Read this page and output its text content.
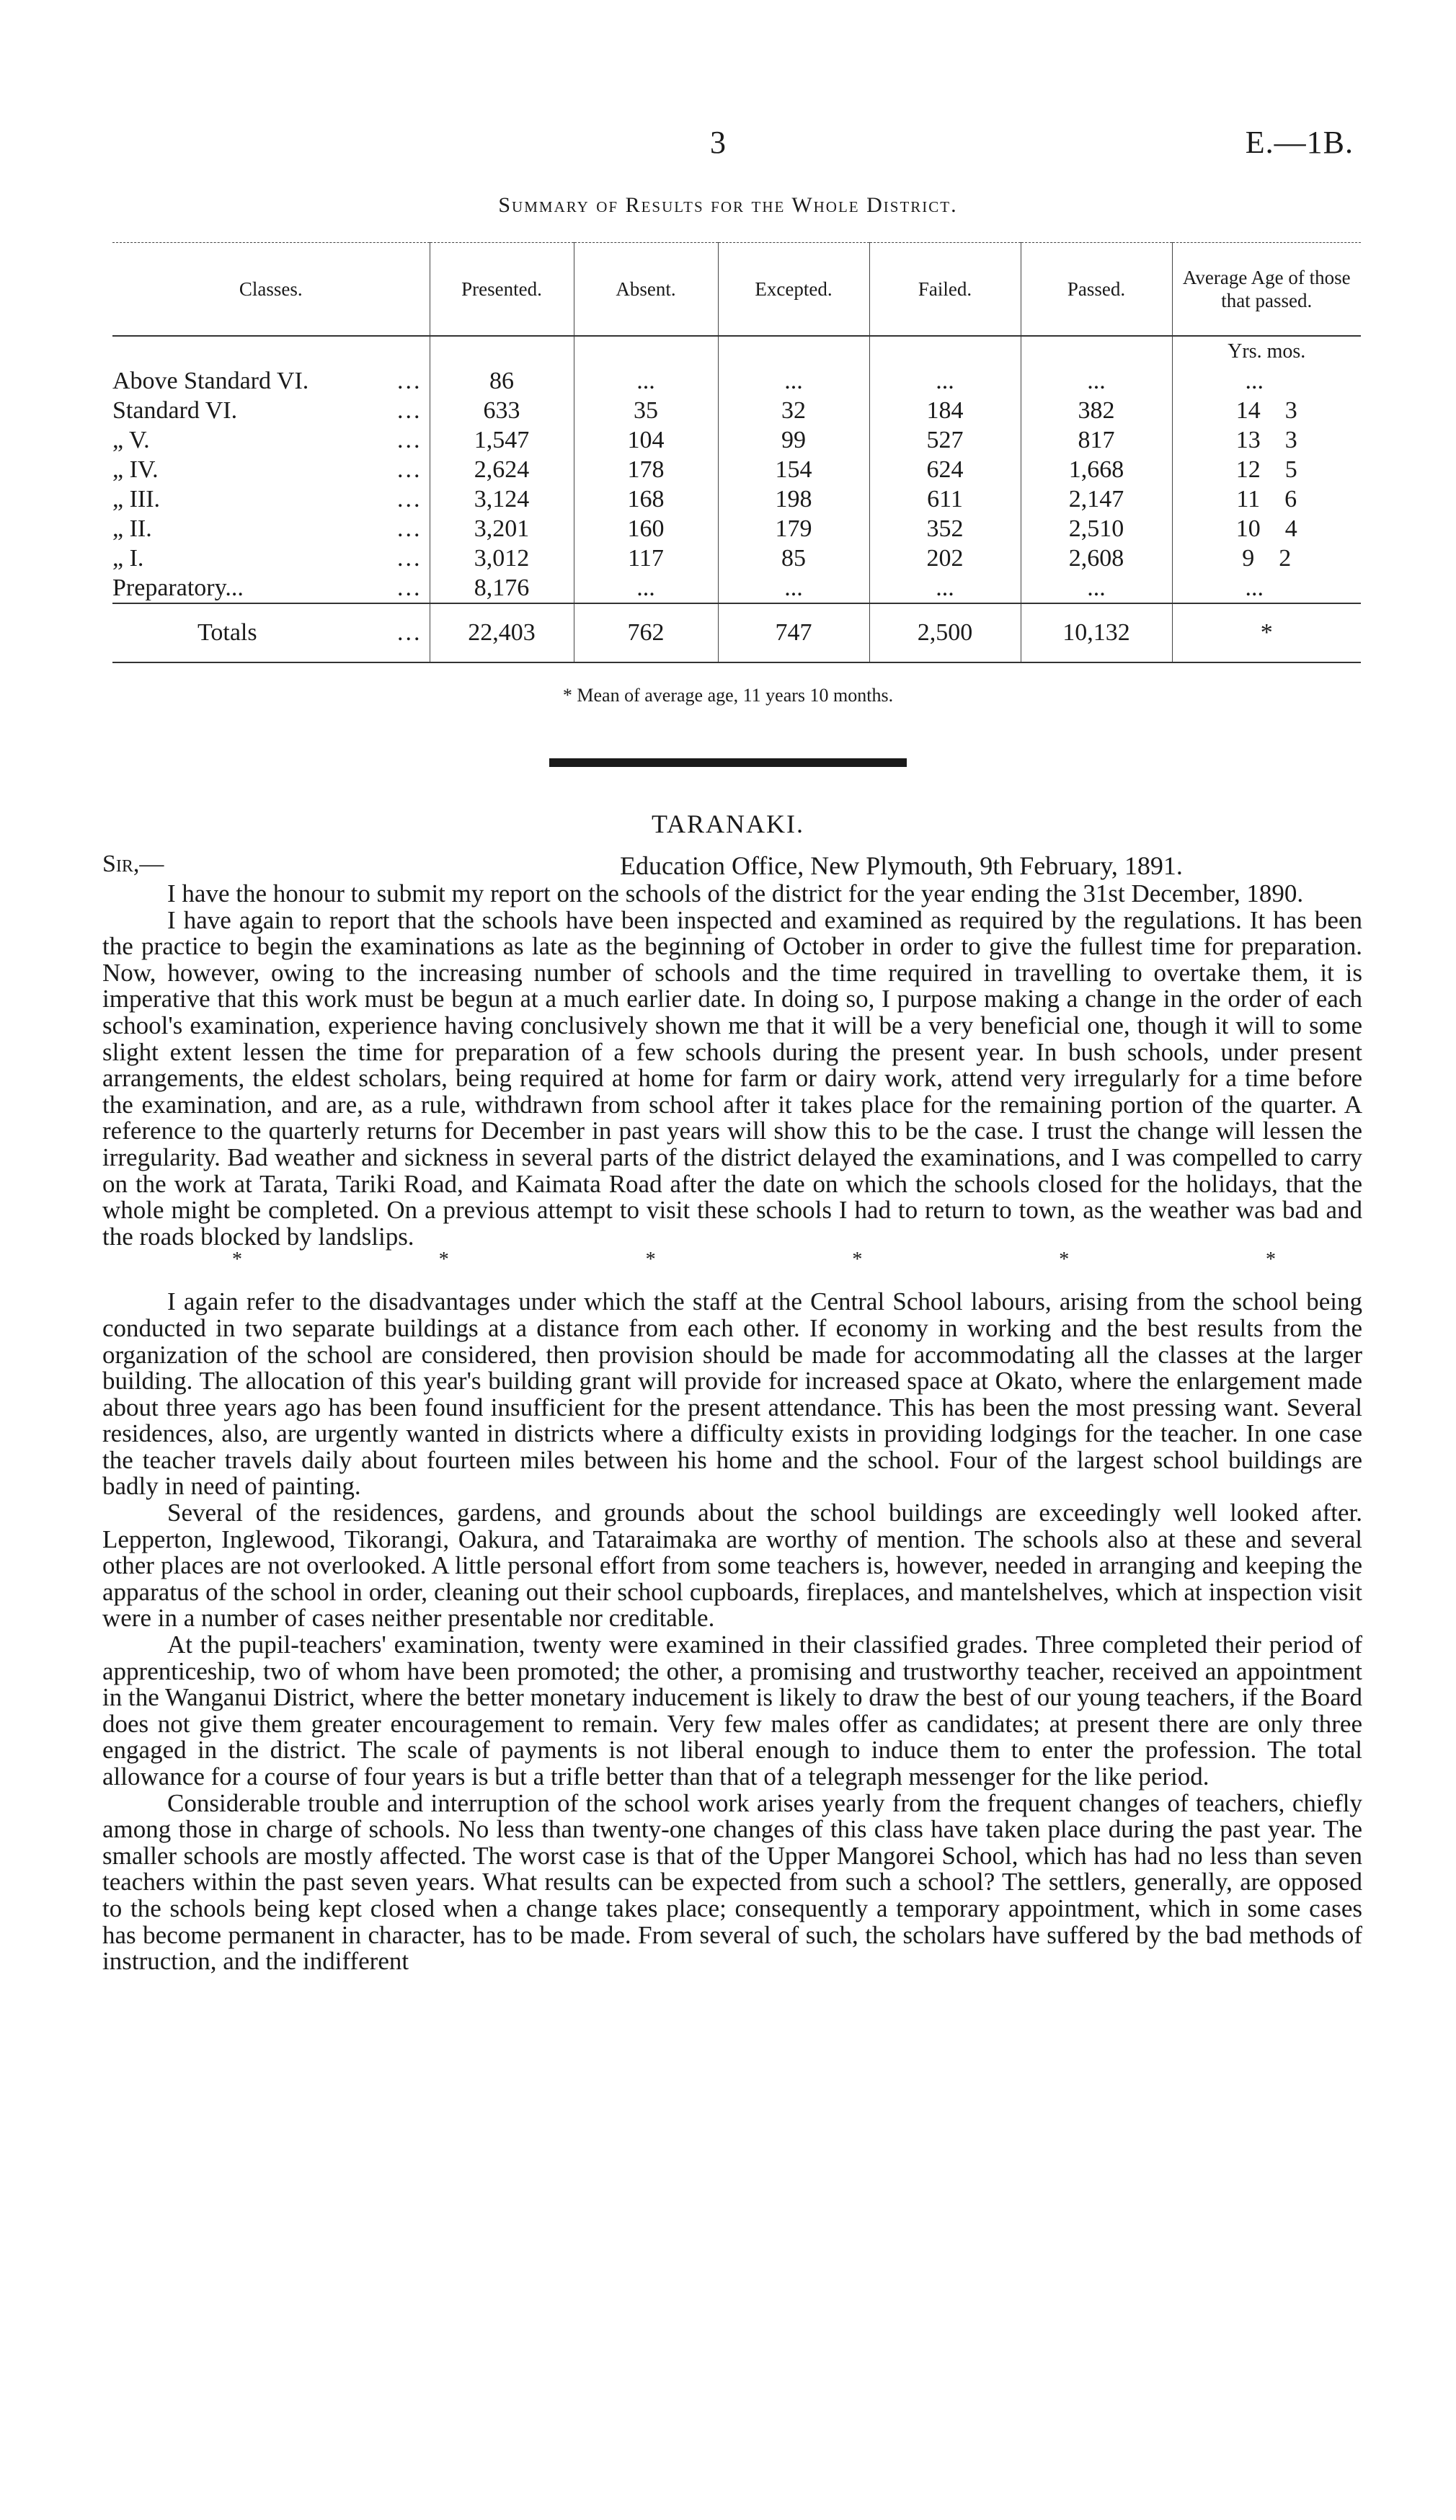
3	E.—1B.
Summary of Results for the Whole District.
Classes.	Presented.	Absent.	Excepted.	Failed.	Passed.	Average Age of those that passed.
						Yrs. mos.

Above Standard VI. ...	86	...	...	...	...	...

Standard VI. ...	633	35	32	184	382	14 3

„ V. ...	1,547	104	99	527	817	13 3

„ IV. ...	2,624	178	154	624	1,668	12 5

„ III. ...	3,124	168	198	611	2,147	11 6

„ II. ...	3,201	160	179	352	2,510	10 4

„ I. ...	3,012	117	85	202	2,608	9 2

Preparatory... ...	8,176	...	...	...	...	...

Totals ...	22,403	762	747	2,500	10,132	*
* Mean of average age, 11 years 10 months.
TARANAKI.
Sir,—	Education Office, New Plymouth, 9th February, 1891.

I have the honour to submit my report on the schools of the district for the year ending the 31st December, 1890.

I have again to report that the schools have been inspected and examined as required by the regulations. It has been the practice to begin the examinations as late as the beginning of October in order to give the fullest time for preparation. Now, however, owing to the increasing number of schools and the time required in travelling to overtake them, it is imperative that this work must be begun at a much earlier date. In doing so, I purpose making a change in the order of each school's examination, experience having conclusively shown me that it will be a very beneficial one, though it will to some slight extent lessen the time for preparation of a few schools during the present year. In bush schools, under present arrangements, the eldest scholars, being required at home for farm or dairy work, attend very irregularly for a time before the examination, and are, as a rule, withdrawn from school after it takes place for the remaining portion of the quarter. A reference to the quarterly returns for December in past years will show this to be the case. I trust the change will lessen the irregularity. Bad weather and sickness in several parts of the district delayed the examinations, and I was compelled to carry on the work at Tarata, Tariki Road, and Kaimata Road after the date on which the schools closed for the holidays, that the whole might be completed. On a previous attempt to visit these schools I had to return to town, as the weather was bad and the roads blocked by landslips.

*	*	*	*	*	*

I again refer to the disadvantages under which the staff at the Central School labours, arising from the school being conducted in two separate buildings at a distance from each other. If economy in working and the best results from the organization of the school are considered, then provision should be made for accommodating all the classes at the larger building. The allocation of this year's building grant will provide for increased space at Okato, where the enlargement made about three years ago has been found insufficient for the present attendance. This has been the most pressing want. Several residences, also, are urgently wanted in districts where a difficulty exists in providing lodgings for the teacher. In one case the teacher travels daily about fourteen miles between his home and the school. Four of the largest school buildings are badly in need of painting.

Several of the residences, gardens, and grounds about the school buildings are exceedingly well looked after. Lepperton, Inglewood, Tikorangi, Oakura, and Tataraimaka are worthy of mention. The schools also at these and several other places are not overlooked. A little personal effort from some teachers is, however, needed in arranging and keeping the apparatus of the school in order, cleaning out their school cupboards, fireplaces, and mantelshelves, which at inspection visit were in a number of cases neither presentable nor creditable.

At the pupil-teachers' examination, twenty were examined in their classified grades. Three completed their period of apprenticeship, two of whom have been promoted; the other, a promising and trustworthy teacher, received an appointment in the Wanganui District, where the better monetary inducement is likely to draw the best of our young teachers, if the Board does not give them greater encouragement to remain. Very few males offer as candidates; at present there are only three engaged in the district. The scale of payments is not liberal enough to induce them to enter the profession. The total allowance for a course of four years is but a trifle better than that of a telegraph messenger for the like period.

Considerable trouble and interruption of the school work arises yearly from the frequent changes of teachers, chiefly among those in charge of schools. No less than twenty-one changes of this class have taken place during the past year. The smaller schools are mostly affected. The worst case is that of the Upper Mangorei School, which has had no less than seven teachers within the past seven years. What results can be expected from such a school? The settlers, generally, are opposed to the schools being kept closed when a change takes place; consequently a temporary appointment, which in some cases has become permanent in character, has to be made. From several of such, the scholars have suffered by the bad methods of instruction, and the indifferent
